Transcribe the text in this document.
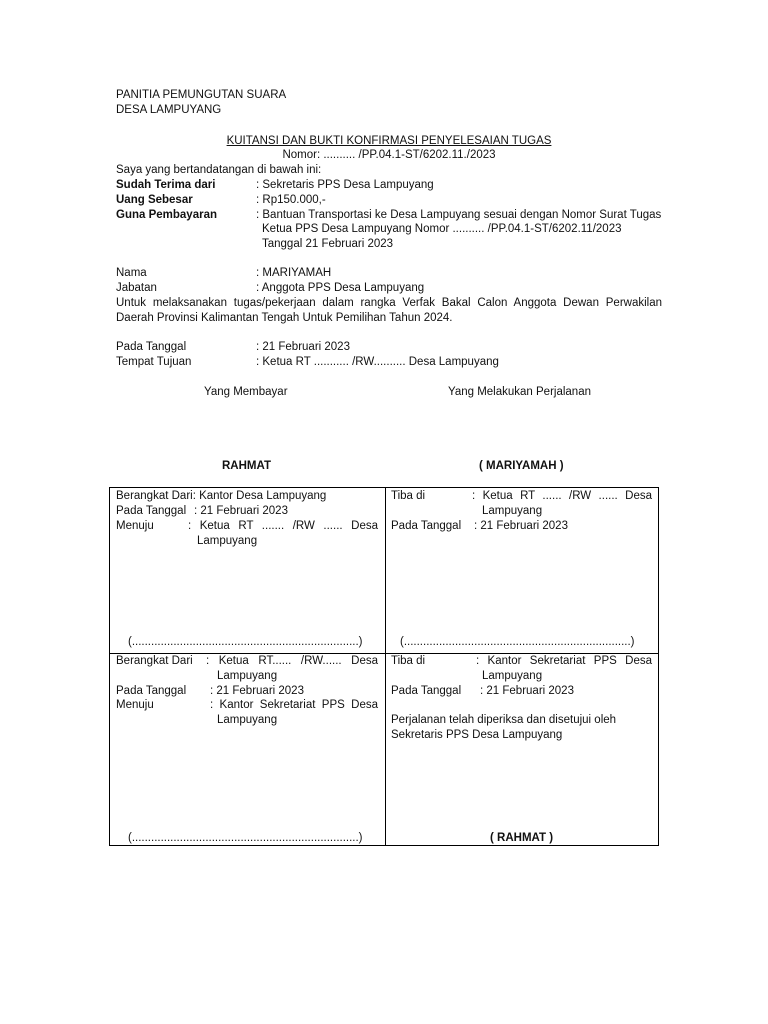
PANITIA PEMUNGUTAN SUARA
DESA LAMPUYANG
KUITANSI DAN BUKTI KONFIRMASI PENYELESAIAN TUGAS
Nomor: .......... /PP.04.1-ST/6202.11./2023
Saya yang bertandatangan di bawah ini:
Sudah Terima dari	: Sekretaris PPS Desa Lampuyang
Uang Sebesar	: Rp150.000,-
Guna Pembayaran	: Bantuan Transportasi ke Desa Lampuyang sesuai dengan Nomor Surat Tugas
Ketua PPS Desa Lampuyang Nomor .......... /PP.04.1-ST/6202.11/2023
Tanggal 21 Februari 2023
Nama	: MARIYAMAH
Jabatan	: Anggota PPS Desa Lampuyang
Untuk melaksanakan tugas/pekerjaan dalam rangka Verfak Bakal Calon Anggota Dewan Perwakilan
Daerah Provinsi Kalimantan Tengah Untuk Pemilihan Tahun 2024.
Pada Tanggal	: 21 Februari 2023
Tempat Tujuan	: Ketua RT ........... /RW.......... Desa Lampuyang
Yang Membayar	Yang Melakukan Perjalanan
RAHMAT	( MARIYAMAH )
Berangkat Dari: Kantor Desa Lampuyang
Pada Tanggal : 21 Februari 2023
Menuju	: Ketua RT ....... /RW ...... Desa
Lampuyang
(.......................................................................)
Tiba di	: Ketua RT ...... /RW ...... Desa
Lampuyang
Pada Tanggal : 21 Februari 2023
(.......................................................................)
Berangkat Dari : Ketua RT...... /RW...... Desa
Lampuyang
Pada Tanggal : 21 Februari 2023
Menuju	: Kantor Sekretariat PPS Desa
Lampuyang
(.......................................................................)
Tiba di	: Kantor Sekretariat PPS Desa
Lampuyang
Pada Tanggal : 21 Februari 2023
Perjalanan telah diperiksa dan disetujui oleh
Sekretaris PPS Desa Lampuyang
( RAHMAT )
